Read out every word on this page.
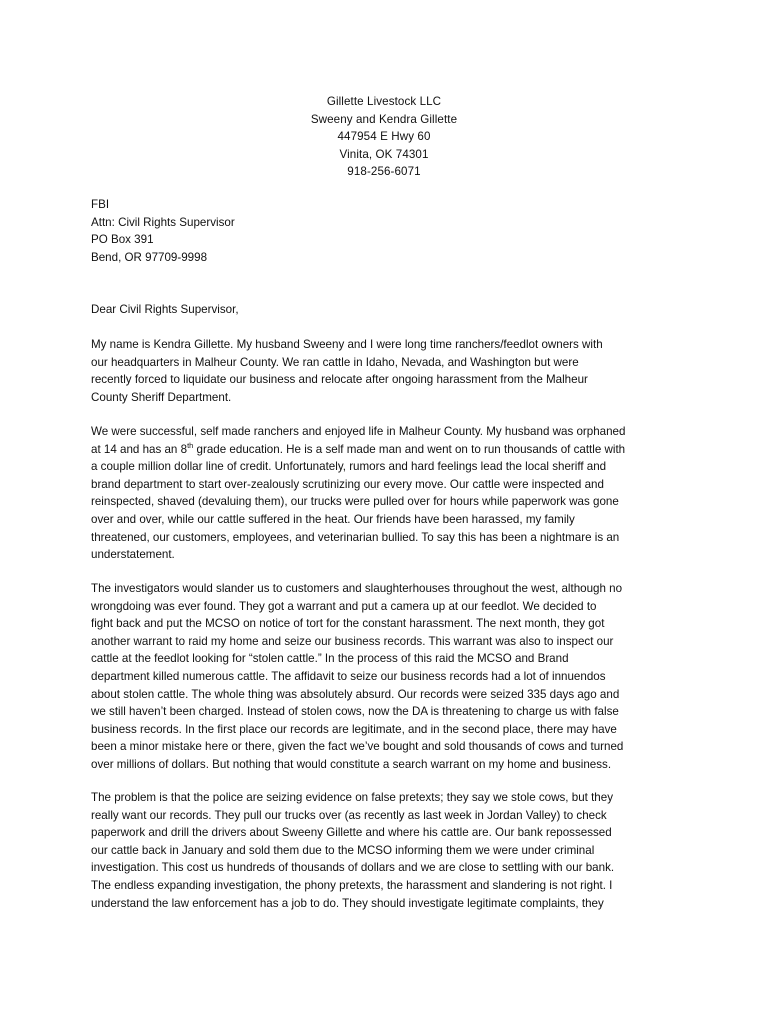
Gillette Livestock LLC
Sweeny and Kendra Gillette
447954 E Hwy 60
Vinita, OK 74301
918-256-6071
FBI
Attn: Civil Rights Supervisor
PO Box 391
Bend, OR 97709-9998
Dear Civil Rights Supervisor,
My name is Kendra Gillette. My husband Sweeny and I were long time ranchers/feedlot owners with
our headquarters in Malheur County. We ran cattle in Idaho, Nevada, and Washington but were
recently forced to liquidate our business and relocate after ongoing harassment from the Malheur
County Sheriff Department.
We were successful, self made ranchers and enjoyed life in Malheur County. My husband was orphaned
at 14 and has an 8th grade education. He is a self made man and went on to run thousands of cattle with
a couple million dollar line of credit. Unfortunately, rumors and hard feelings lead the local sheriff and
brand department to start over-zealously scrutinizing our every move. Our cattle were inspected and
reinspected, shaved (devaluing them), our trucks were pulled over for hours while paperwork was gone
over and over, while our cattle suffered in the heat. Our friends have been harassed, my family
threatened, our customers, employees, and veterinarian bullied. To say this has been a nightmare is an
understatement.
The investigators would slander us to customers and slaughterhouses throughout the west, although no
wrongdoing was ever found. They got a warrant and put a camera up at our feedlot. We decided to
fight back and put the MCSO on notice of tort for the constant harassment. The next month, they got
another warrant to raid my home and seize our business records. This warrant was also to inspect our
cattle at the feedlot looking for “stolen cattle.” In the process of this raid the MCSO and Brand
department killed numerous cattle. The affidavit to seize our business records had a lot of innuendos
about stolen cattle. The whole thing was absolutely absurd. Our records were seized 335 days ago and
we still haven’t been charged. Instead of stolen cows, now the DA is threatening to charge us with false
business records. In the first place our records are legitimate, and in the second place, there may have
been a minor mistake here or there, given the fact we’ve bought and sold thousands of cows and turned
over millions of dollars. But nothing that would constitute a search warrant on my home and business.
The problem is that the police are seizing evidence on false pretexts; they say we stole cows, but they
really want our records. They pull our trucks over (as recently as last week in Jordan Valley) to check
paperwork and drill the drivers about Sweeny Gillette and where his cattle are. Our bank repossessed
our cattle back in January and sold them due to the MCSO informing them we were under criminal
investigation. This cost us hundreds of thousands of dollars and we are close to settling with our bank.
The endless expanding investigation, the phony pretexts, the harassment and slandering is not right. I
understand the law enforcement has a job to do. They should investigate legitimate complaints, they
